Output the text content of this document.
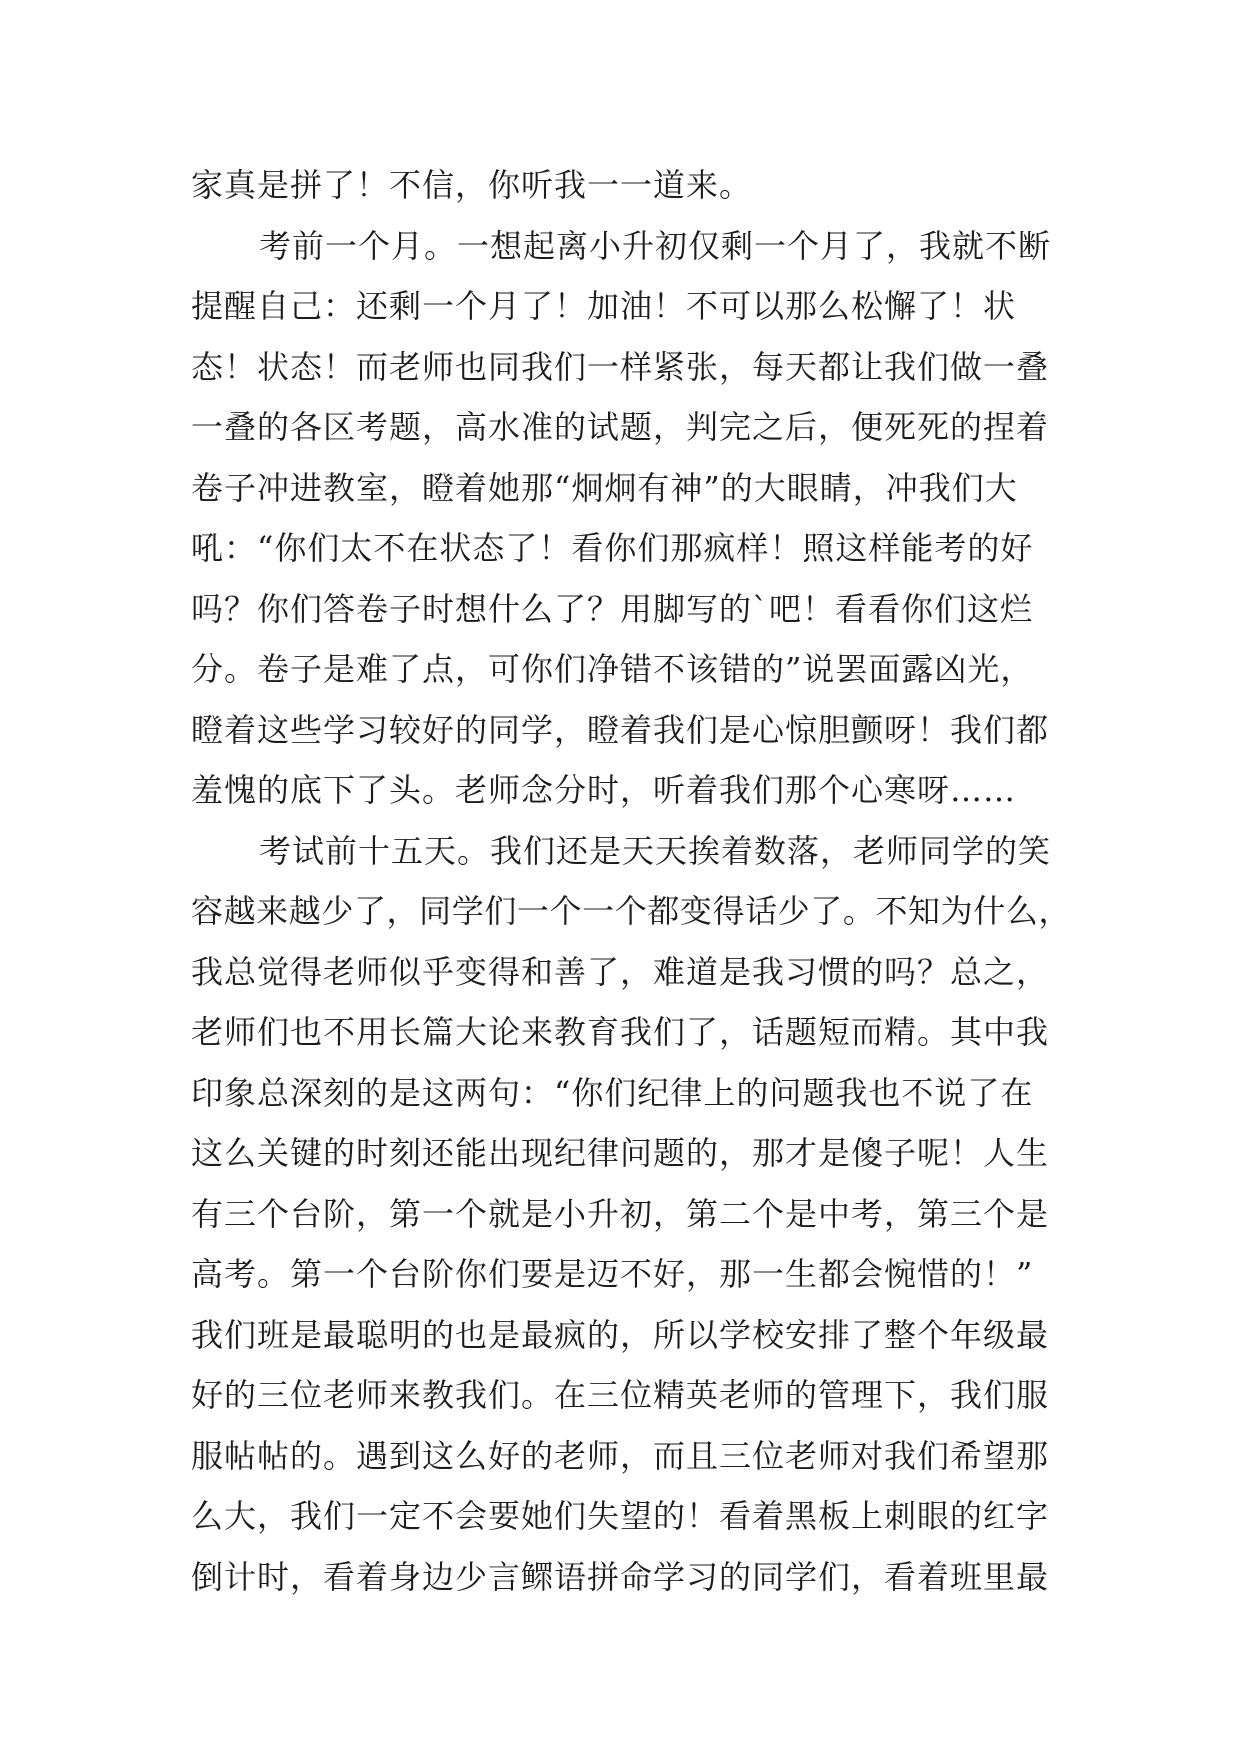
家真是拼了！不信，你听我一一道来。
考前一个月。一想起离小升初仅剩一个月了，我就不断
提醒自己：还剩一个月了！加油！不可以那么松懈了！状
态！状态！而老师也同我们一样紧张，每天都让我们做一叠
一叠的各区考题，高水准的试题，判完之后，便死死的捏着
卷子冲进教室，瞪着她那“炯炯有神”的大眼睛，冲我们大
吼：“你们太不在状态了！看你们那疯样！照这样能考的好
吗？你们答卷子时想什么了？用脚写的`吧！看看你们这烂
分。卷子是难了点，可你们净错不该错的”说罢面露凶光，
瞪着这些学习较好的同学，瞪着我们是心惊胆颤呀！我们都
羞愧的底下了头。老师念分时，听着我们那个心寒呀……
考试前十五天。我们还是天天挨着数落，老师同学的笑
容越来越少了，同学们一个一个都变得话少了。不知为什么，
我总觉得老师似乎变得和善了，难道是我习惯的吗？总之，
老师们也不用长篇大论来教育我们了，话题短而精。其中我
印象总深刻的是这两句：“你们纪律上的问题我也不说了在
这么关键的时刻还能出现纪律问题的，那才是傻子呢！人生
有三个台阶，第一个就是小升初，第二个是中考，第三个是
高考。第一个台阶你们要是迈不好，那一生都会惋惜的！”
我们班是最聪明的也是最疯的，所以学校安排了整个年级最
好的三位老师来教我们。在三位精英老师的管理下，我们服
服帖帖的。遇到这么好的老师，而且三位老师对我们希望那
么大，我们一定不会要她们失望的！看着黑板上刺眼的红字
倒计时，看着身边少言鳏语拼命学习的同学们，看着班里最
